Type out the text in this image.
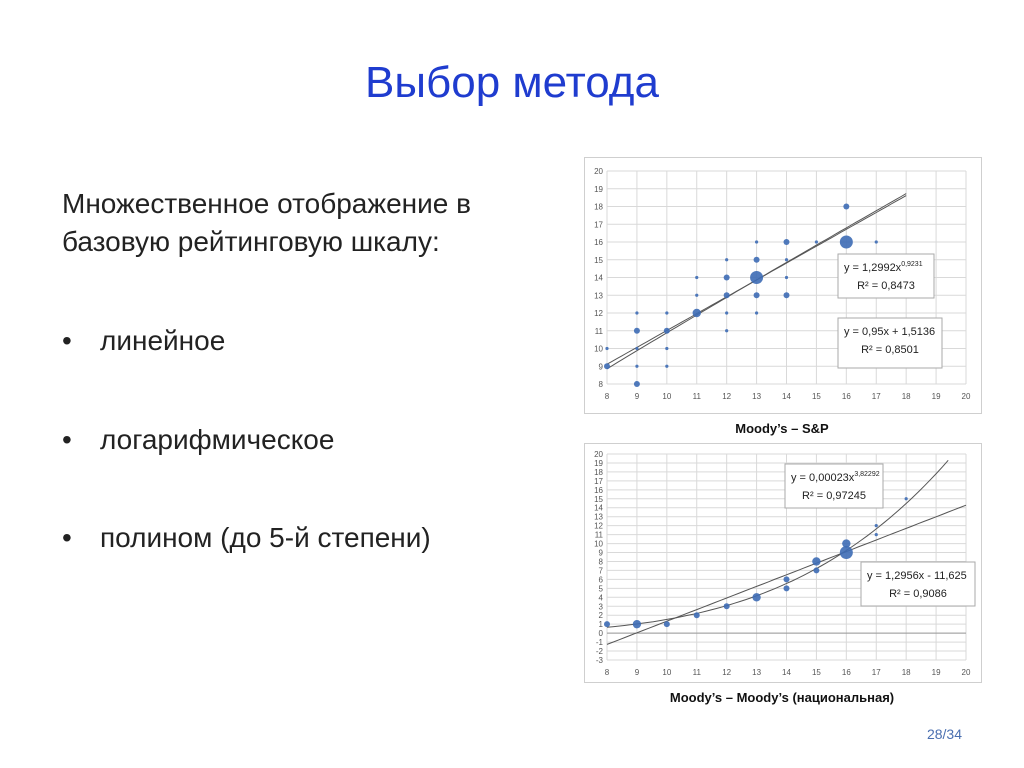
Выбор метода
Множественное отображение в базовую рейтинговую шкалу:
• линейное
• логарифмическое
• полином (до 5-й степени)
8
9
10
11
12
13
14
15
16
17
18
19
20
8	9	10	11	12	13	14	15	16	17	18	19	20
$y = 1,2992x^{0,9231}$
R² = 0,8473
y = 0,95x + 1,5136
R² = 0,8501
Moody’s – S&P
-3
-2
-1
0
1
2
3
4
5
6
7
8
9
10
11
12
13
14
15
16
17
18
19
20
8	9	10	11	12	13	14	15	16	17	18	19	20
$y = 0,00023x^{3,82292}$
R² = 0,97245
y = 1,2956x - 11,625
R² = 0,9086
Moody’s – Moody’s (национальная)
28/34
